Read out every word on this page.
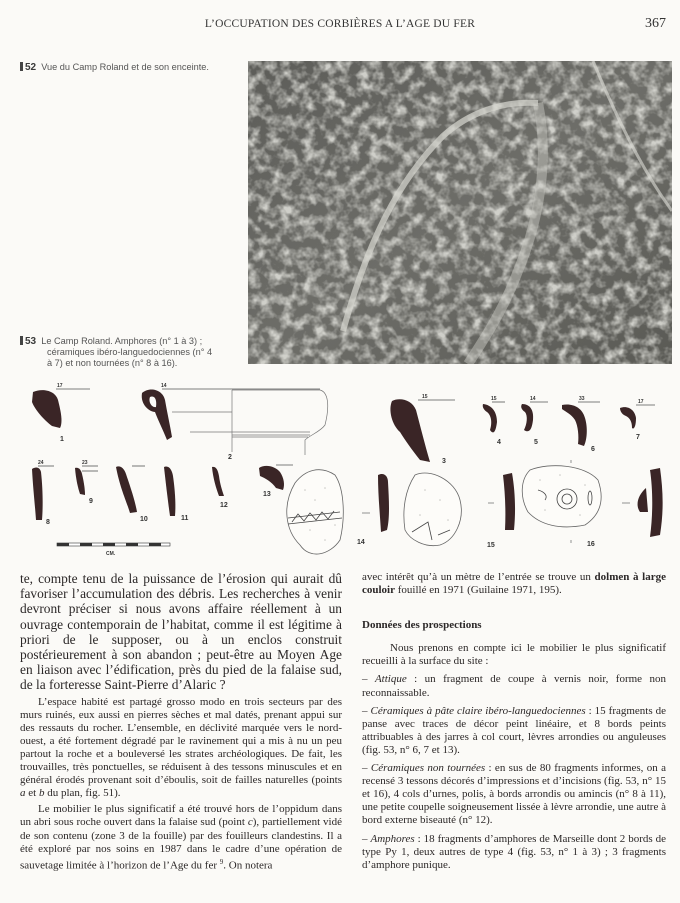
L’OCCUPATION DES CORBIÈRES A L’AGE DU FER	367
52 Vue du Camp Roland et de son enceinte.
53 Le Camp Roland. Amphores (n° 1 à 3) ;
céramiques ibéro-languedociennes (n° 4
à 7) et non tournées (n° 8 à 16).
1
2
3
4	5
6
7
8
9
10	11
12
13
14	15	16
17	14
15	15	14	33	17
24	23
CM.

te, compte tenu de la puissance de l’érosion qui aurait dû favoriser l’accumulation des débris. Les recherches à venir devront préciser si nous avons affaire réellement à un ouvrage contemporain de l’habitat, comme il est légitime à priori de le supposer, ou à un enclos construit postérieurement à son abandon ; peut-être au Moyen Age en liaison avec l’édification, près du pied de la falaise sud, de la forteresse Saint-Pierre d’Alaric ?

L’espace habité est partagé grosso modo en trois secteurs par des murs ruinés, eux aussi en pierres sèches et mal datés, prenant appui sur des ressauts du rocher. L’ensemble, en déclivité marquée vers le nord-ouest, a été fortement dégradé par le ravinement qui a mis à nu un peu partout la roche et a bouleversé les strates archéologiques. De fait, les trouvailles, très ponctuelles, se réduisent à des tessons minuscules et en général érodés provenant soit d’éboulis, soit de failles naturelles (points a et b du plan, fig. 51).

Le mobilier le plus significatif a été trouvé hors de l’oppidum dans un abri sous roche ouvert dans la falaise sud (point c), partiellement vidé de son contenu (zone 3 de la fouille) par des fouilleurs clandestins. Il a été exploré par nos soins en 1987 dans le cadre d’une opération de sauvetage limitée à l’horizon de l’Age du fer $^9$. On notera

avec intérêt qu’à un mètre de l’entrée se trouve un dolmen à large couloir fouillé en 1971 (Guilaine 1971, 195).

Données des prospections

Nous prenons en compte ici le mobilier le plus significatif recueilli à la surface du site :

– Attique : un fragment de coupe à vernis noir, forme non reconnaissable.

– Céramiques à pâte claire ibéro-languedociennes : 15 fragments de panse avec traces de décor peint linéaire, et 8 bords peints attribuables à des jarres à col court, lèvres arrondies ou anguleuses (fig. 53, n° 6, 7 et 13).

– Céramiques non tournées : en sus de 80 fragments informes, on a recensé 3 tessons décorés d’impressions et d’incisions (fig. 53, n° 15 et 16), 4 cols d’urnes, polis, à bords arrondis ou amincis (n° 8 à 11), une petite coupelle soigneusement lissée à lèvre arrondie, une autre à bord externe biseauté (n° 12).

– Amphores : 18 fragments d’amphores de Marseille dont 2 bords de type Py 1, deux autres de type 4 (fig. 53, n° 1 à 3) ; 3 fragments d’amphore punique.
